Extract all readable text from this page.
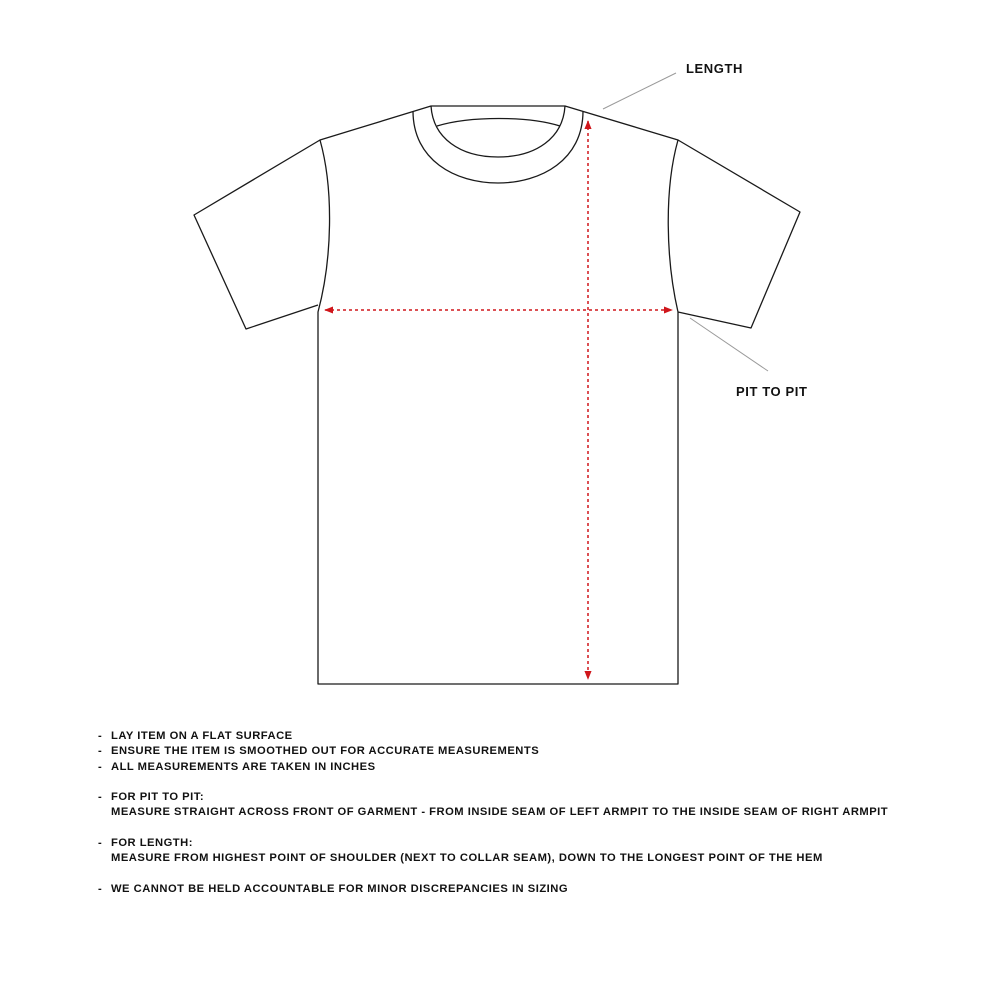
LENGTH
PIT TO PIT
- LAY ITEM ON A FLAT SURFACE
- ENSURE THE ITEM IS SMOOTHED OUT FOR ACCURATE MEASUREMENTS
- ALL MEASUREMENTS ARE TAKEN IN INCHES
- FOR PIT TO PIT:
MEASURE STRAIGHT ACROSS FRONT OF GARMENT - FROM INSIDE SEAM OF LEFT ARMPIT TO THE INSIDE SEAM OF RIGHT ARMPIT
- FOR LENGTH:
MEASURE FROM HIGHEST POINT OF SHOULDER (NEXT TO COLLAR SEAM), DOWN TO THE LONGEST POINT OF THE HEM
- WE CANNOT BE HELD ACCOUNTABLE FOR MINOR DISCREPANCIES IN SIZING
